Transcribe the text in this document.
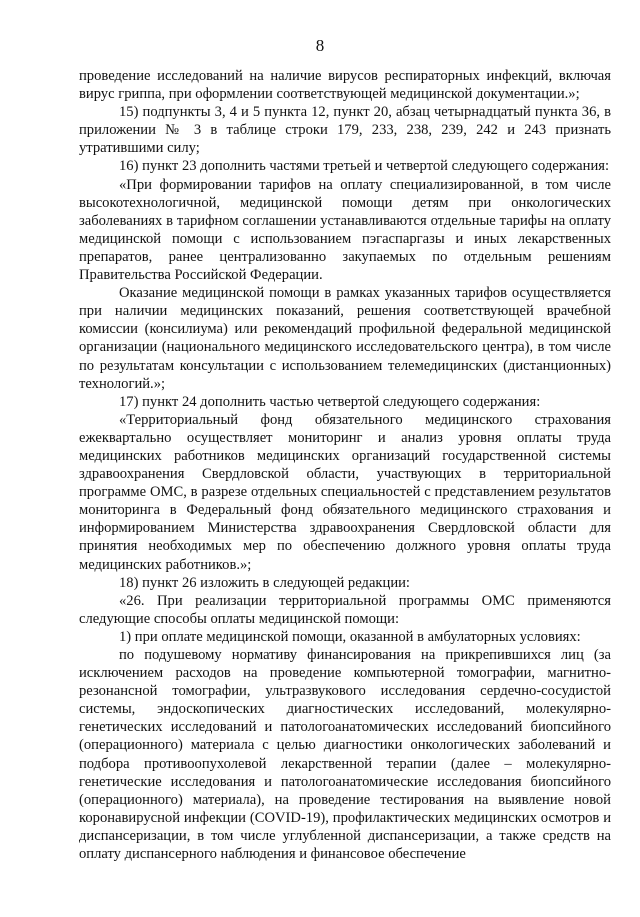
8

проведение исследований на наличие вирусов респираторных инфекций, включая вирус гриппа, при оформлении соответствующей медицинской документации.»;

15) подпункты 3, 4 и 5 пункта 12, пункт 20, абзац четырнадцатый пункта 36, в приложении № 3 в таблице строки 179, 233, 238, 239, 242 и 243 признать утратившими силу;

16) пункт 23 дополнить частями третьей и четвертой следующего содержания:

«При формировании тарифов на оплату специализированной, в том числе высокотехнологичной, медицинской помощи детям при онкологических заболеваниях в тарифном соглашении устанавливаются отдельные тарифы на оплату медицинской помощи с использованием пэгаспаргазы и иных лекарственных препаратов, ранее централизованно закупаемых по отдельным решениям Правительства Российской Федерации.

Оказание медицинской помощи в рамках указанных тарифов осуществляется при наличии медицинских показаний, решения соответствующей врачебной комиссии (консилиума) или рекомендаций профильной федеральной медицинской организации (национального медицинского исследовательского центра), в том числе по результатам консультации с использованием телемедицинских (дистанционных) технологий.»;

17) пункт 24 дополнить частью четвертой следующего содержания:

«Территориальный фонд обязательного медицинского страхования ежеквартально осуществляет мониторинг и анализ уровня оплаты труда медицинских работников медицинских организаций государственной системы здравоохранения Свердловской области, участвующих в территориальной программе ОМС, в разрезе отдельных специальностей с представлением результатов мониторинга в Федеральный фонд обязательного медицинского страхования и информированием Министерства здравоохранения Свердловской области для принятия необходимых мер по обеспечению должного уровня оплаты труда медицинских работников.»;

18) пункт 26 изложить в следующей редакции:

«26. При реализации территориальной программы ОМС применяются следующие способы оплаты медицинской помощи:

1) при оплате медицинской помощи, оказанной в амбулаторных условиях:

по подушевому нормативу финансирования на прикрепившихся лиц (за исключением расходов на проведение компьютерной томографии, магнитно-резонансной томографии, ультразвукового исследования сердечно-сосудистой системы, эндоскопических диагностических исследований, молекулярно-генетических исследований и патологоанатомических исследований биопсийного (операционного) материала с целью диагностики онкологических заболеваний и подбора противоопухолевой лекарственной терапии (далее – молекулярно-генетические исследования и патологоанатомические исследования биопсийного (операционного) материала), на проведение тестирования на выявление новой коронавирусной инфекции (COVID-19), профилактических медицинских осмотров и диспансеризации, в том числе углубленной диспансеризации, а также средств на оплату диспансерного наблюдения и финансовое обеспечение
